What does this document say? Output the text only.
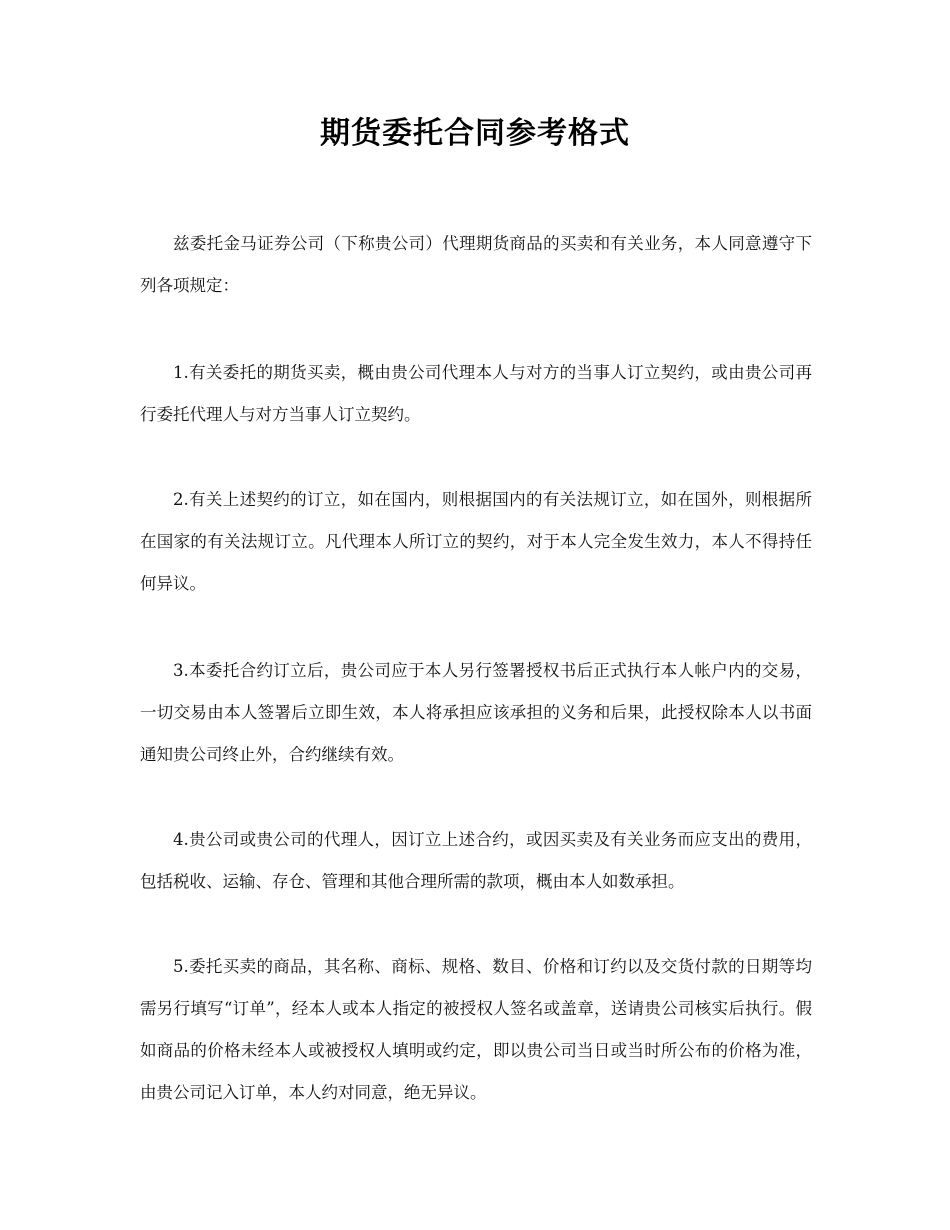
期货委托合同参考格式

兹委托金马证券公司（下称贵公司）代理期货商品的买卖和有关业务，本人同意遵守下列各项规定：

1.有关委托的期货买卖，概由贵公司代理本人与对方的当事人订立契约，或由贵公司再行委托代理人与对方当事人订立契约。

2.有关上述契约的订立，如在国内，则根据国内的有关法规订立，如在国外，则根据所在国家的有关法规订立。凡代理本人所订立的契约，对于本人完全发生效力，本人不得持任何异议。

3.本委托合约订立后，贵公司应于本人另行签署授权书后正式执行本人帐户内的交易，一切交易由本人签署后立即生效，本人将承担应该承担的义务和后果，此授权除本人以书面通知贵公司终止外，合约继续有效。

4.贵公司或贵公司的代理人，因订立上述合约，或因买卖及有关业务而应支出的费用，包括税收、运输、存仓、管理和其他合理所需的款项，概由本人如数承担。

5.委托买卖的商品，其名称、商标、规格、数目、价格和订约以及交货付款的日期等均需另行填写“订单”，经本人或本人指定的被授权人签名或盖章，送请贵公司核实后执行。假如商品的价格未经本人或被授权人填明或约定，即以贵公司当日或当时所公布的价格为准，由贵公司记入订单，本人约对同意，绝无异议。
